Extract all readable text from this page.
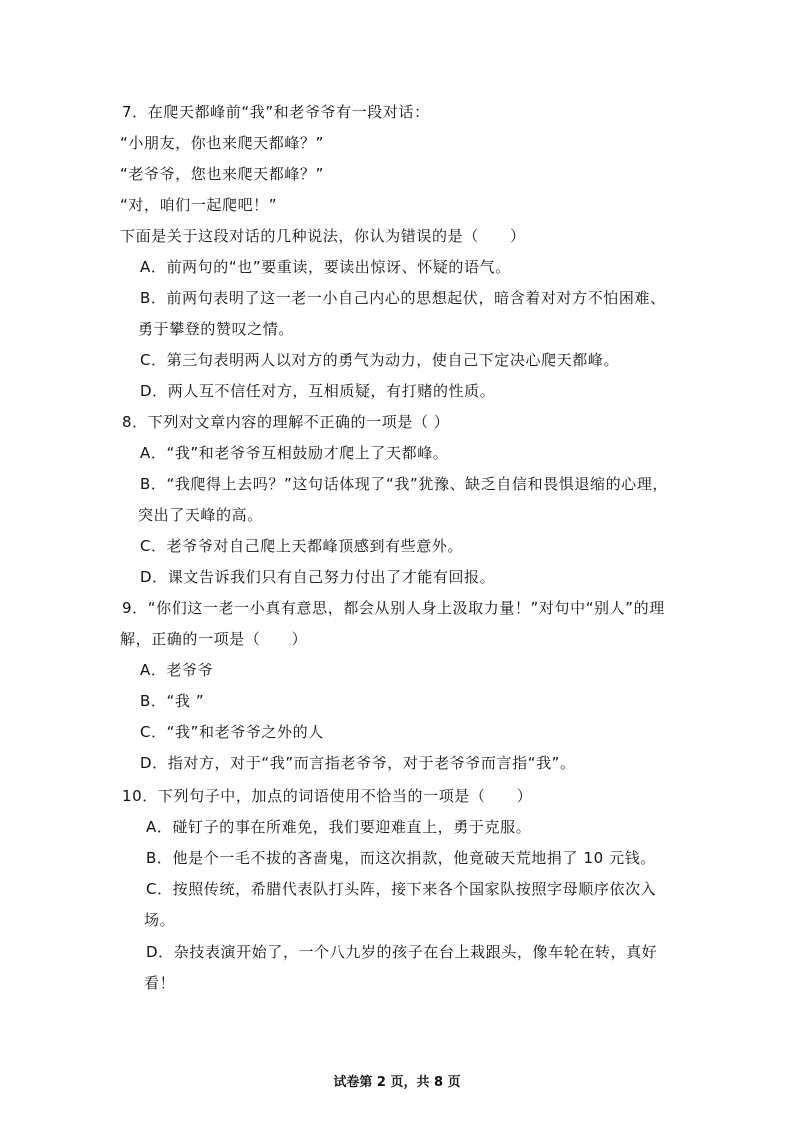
7．在爬天都峰前“我”和老爷爷有一段对话：
“小朋友，你也来爬天都峰？”
“老爷爷，您也来爬天都峰？”
“对，咱们一起爬吧！”
下面是关于这段对话的几种说法，你认为错误的是（　　）
A．前两句的“也”要重读，要读出惊讶、怀疑的语气。
B．前两句表明了这一老一小自己内心的思想起伏，暗含着对对方不怕困难、
勇于攀登的赞叹之情。
C．第三句表明两人以对方的勇气为动力，使自己下定决心爬天都峰。
D．两人互不信任对方，互相质疑，有打赌的性质。
8．下列对文章内容的理解不正确的一项是（ ）
A．“我”和老爷爷互相鼓励才爬上了天都峰。
B．“我爬得上去吗？”这句话体现了“我”犹豫、缺乏自信和畏惧退缩的心理，
突出了天峰的高。
C．老爷爷对自己爬上天都峰顶感到有些意外。
D．课文告诉我们只有自己努力付出了才能有回报。
9．“你们这一老一小真有意思，都会从别人身上汲取力量！”对句中“别人”的理
解，正确的一项是（　　）
A．老爷爷
B．“我 ”
C．“我”和老爷爷之外的人
D．指对方，对于“我”而言指老爷爷，对于老爷爷而言指“我”。
10．下列句子中，加点的词语使用不恰当的一项是（　　）
A．碰钉子的事在所难免，我们要迎难直上，勇于克服。
B．他是个一毛不拔的吝啬鬼，而这次捐款，他竟破天荒地捐了 10 元钱。
C．按照传统，希腊代表队打头阵，接下来各个国家队按照字母顺序依次入
场。
D．杂技表演开始了，一个八九岁的孩子在台上栽跟头，像车轮在转，真好
看！
试卷第 2 页，共 8 页
